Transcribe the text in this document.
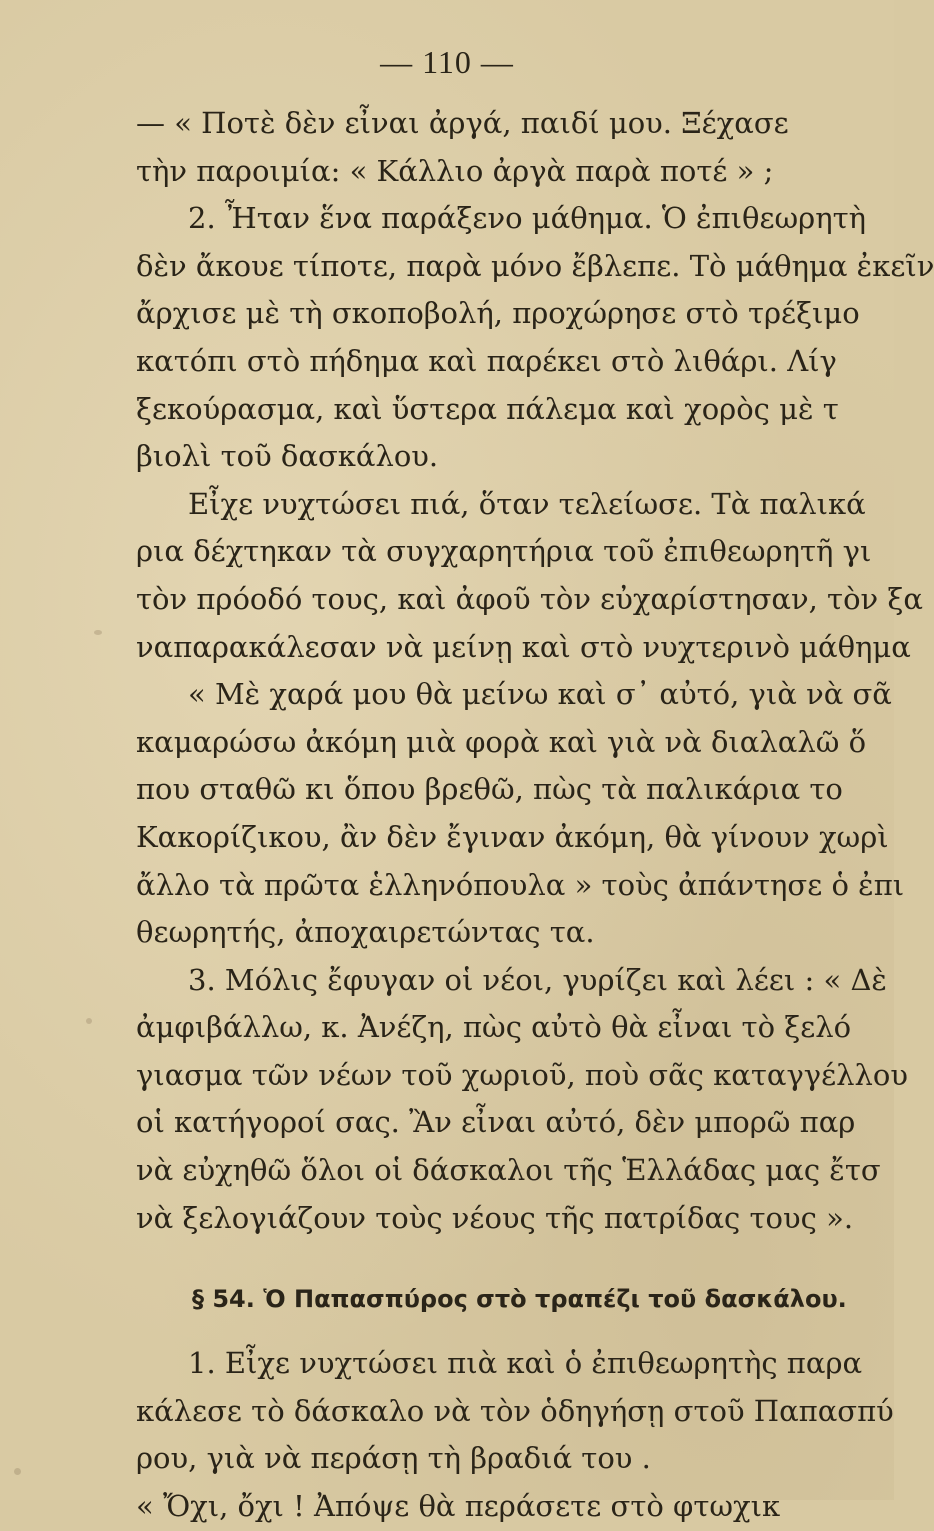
— 110 —
— « Ποτὲ δὲν εἶναι ἀργά, παιδί μου. Ξέχασε
τὴν παροιμία: « Κάλλιο ἀργὰ παρὰ ποτέ » ;
2. Ἦταν ἕνα παράξενο μάθημα. Ὁ ἐπιθεωρητὴ
δὲν ἄκουε τίποτε, παρὰ μόνο ἔβλεπε. Τὸ μάθημα ἐκεῖν
ἄρχισε μὲ τὴ σκοποβολή, προχώρησε στὸ τρέξιμο
κατόπι στὸ πήδημα καὶ παρέκει στὸ λιθάρι. Λίγ
ξεκούρασμα, καὶ ὕστερα πάλεμα καὶ χορὸς μὲ τ
βιολὶ τοῦ δασκάλου.
Εἶχε νυχτώσει πιά, ὅταν τελείωσε. Τὰ παλικά
ρια δέχτηκαν τὰ συγχαρητήρια τοῦ ἐπιθεωρητῆ γι
τὸν πρόοδό τους, καὶ ἀφοῦ τὸν εὐχαρίστησαν, τὸν ξα
ναπαρακάλεσαν νὰ μείνῃ καὶ στὸ νυχτερινὸ μάθημα
« Μὲ χαρά μου θὰ μείνω καὶ σ᾽ αὐτό, γιὰ νὰ σᾶ
καμαρώσω ἀκόμη μιὰ φορὰ καὶ γιὰ νὰ διαλαλῶ ὅ
που σταθῶ κι ὅπου βρεθῶ, πὼς τὰ παλικάρια το
Κακορίζικου, ἂν δὲν ἔγιναν ἀκόμη, θὰ γίνουν χωρὶ
ἄλλο τὰ πρῶτα ἑλληνόπουλα » τοὺς ἀπάντησε ὁ ἐπι
θεωρητής, ἀποχαιρετώντας τα.
3. Μόλις ἔφυγαν οἱ νέοι, γυρίζει καὶ λέει : « Δὲ
ἀμφιβάλλω, κ. Ἀνέζη, πὼς αὐτὸ θὰ εἶναι τὸ ξελό
γιασμα τῶν νέων τοῦ χωριοῦ, ποὺ σᾶς καταγγέλλου
οἱ κατήγοροί σας. Ἂν εἶναι αὐτό, δὲν μπορῶ παρ
νὰ εὐχηθῶ ὅλοι οἱ δάσκαλοι τῆς Ἑλλάδας μας ἔτσ
νὰ ξελογιάζουν τοὺς νέους τῆς πατρίδας τους ».
§ 54. Ὁ Παπασπύρος στὸ τραπέζι τοῦ δασκάλου.
1. Εἶχε νυχτώσει πιὰ καὶ ὁ ἐπιθεωρητὴς παρα
κάλεσε τὸ δάσκαλο νὰ τὸν ὁδηγήσῃ στοῦ Παπασπύ
ρου, γιὰ νὰ περάσῃ τὴ βραδιά του .
« Ὄχι, ὄχι ! Ἀπόψε θὰ περάσετε στὸ φτωχικ
